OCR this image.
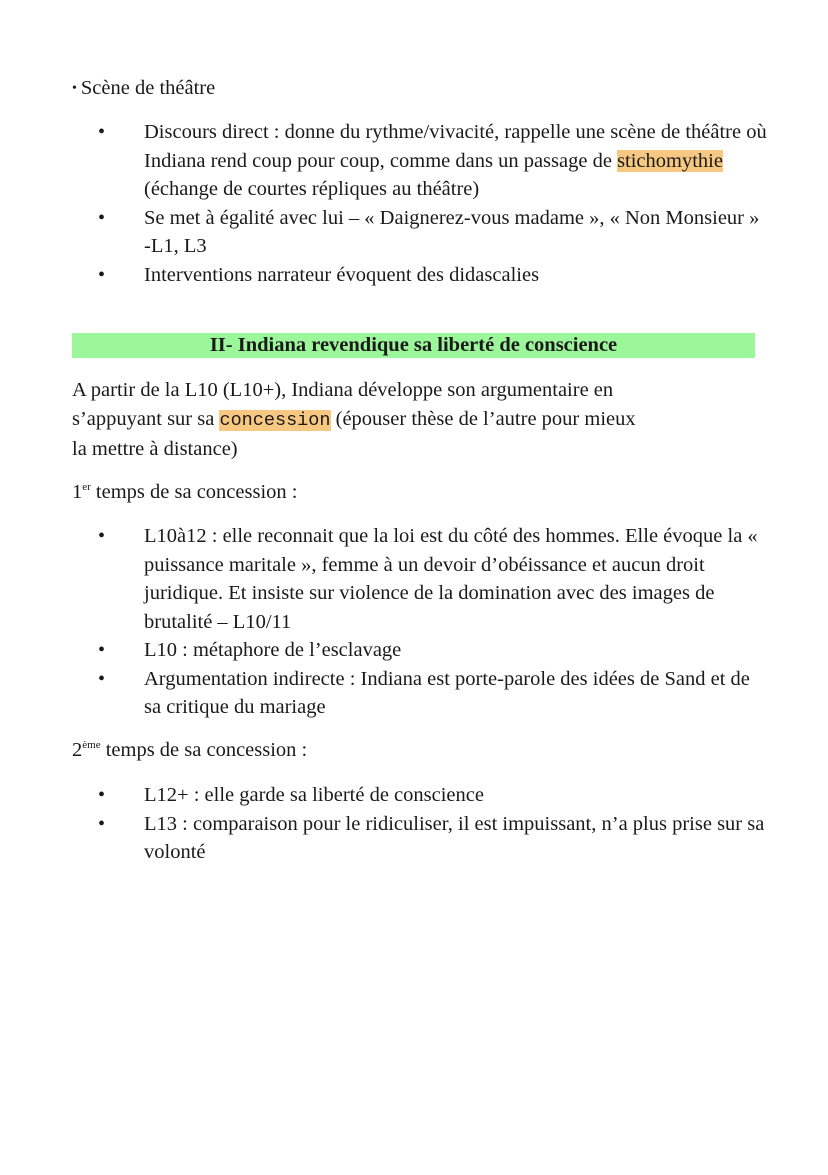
• Scène de théâtre
• Discours direct : donne du rythme/vivacité, rappelle une scène de théâtre où Indiana rend coup pour coup, comme dans un passage de stichomythie (échange de courtes répliques au théâtre)
• Se met à égalité avec lui – « Daignerez-vous madame », « Non Monsieur » -L1, L3
• Interventions narrateur évoquent des didascalies
II- Indiana revendique sa liberté de conscience
A partir de la L10 (L10+), Indiana développe son argumentaire en
s’appuyant sur sa concession (épouser thèse de l’autre pour mieux
la mettre à distance)
1er temps de sa concession :
• L10à12 : elle reconnait que la loi est du côté des hommes. Elle évoque la « puissance maritale », femme à un devoir d’obéissance et aucun droit juridique. Et insiste sur violence de la domination avec des images de brutalité – L10/11
• L10 : métaphore de l’esclavage
• Argumentation indirecte : Indiana est porte-parole des idées de Sand et de sa critique du mariage
2ème temps de sa concession :
• L12+ : elle garde sa liberté de conscience
• L13 : comparaison pour le ridiculiser, il est impuissant, n’a plus prise sur sa volonté
